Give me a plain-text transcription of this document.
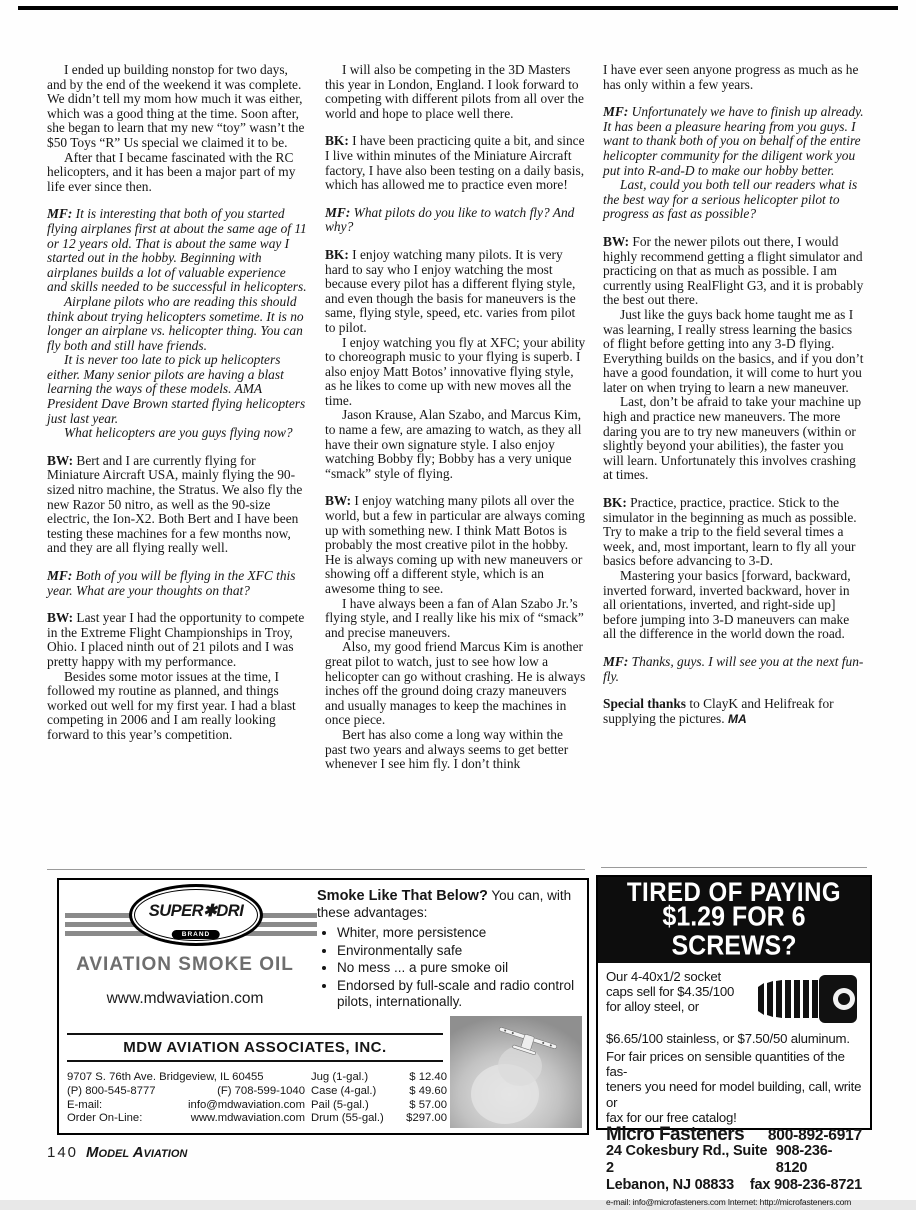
I ended up building nonstop for two days, and by the end of the weekend it was complete. We didn’t tell my mom how much it was either, which was a good thing at the time. Soon after, she began to learn that my new “toy” wasn’t the $50 Toys “R” Us special we claimed it to be.

After that I became fascinated with the RC helicopters, and it has been a major part of my life ever since then.

MF: It is interesting that both of you started flying airplanes first at about the same age of 11 or 12 years old. That is about the same way I started out in the hobby. Beginning with airplanes builds a lot of valuable experience and skills needed to be successful in helicopters.

Airplane pilots who are reading this should think about trying helicopters sometime. It is no longer an airplane vs. helicopter thing. You can fly both and still have friends.

It is never too late to pick up helicopters either. Many senior pilots are having a blast learning the ways of these models. AMA President Dave Brown started flying helicopters just last year.

What helicopters are you guys flying now?

BW: Bert and I are currently flying for Miniature Aircraft USA, mainly flying the 90-sized nitro machine, the Stratus. We also fly the new Razor 50 nitro, as well as the 90-size electric, the Ion-X2. Both Bert and I have been testing these machines for a few months now, and they are all flying really well.

MF: Both of you will be flying in the XFC this year. What are your thoughts on that?

BW: Last year I had the opportunity to compete in the Extreme Flight Championships in Troy, Ohio. I placed ninth out of 21 pilots and I was pretty happy with my performance.

Besides some motor issues at the time, I followed my routine as planned, and things worked out well for my first year. I had a blast competing in 2006 and I am really looking forward to this year’s competition.

I will also be competing in the 3D Masters this year in London, England. I look forward to competing with different pilots from all over the world and hope to place well there.

BK: I have been practicing quite a bit, and since I live within minutes of the Miniature Aircraft factory, I have also been testing on a daily basis, which has allowed me to practice even more!

MF: What pilots do you like to watch fly? And why?

BK: I enjoy watching many pilots. It is very hard to say who I enjoy watching the most because every pilot has a different flying style, and even though the basis for maneuvers is the same, flying style, speed, etc. varies from pilot to pilot.

I enjoy watching you fly at XFC; your ability to choreograph music to your flying is superb. I also enjoy Matt Botos’ innovative flying style, as he likes to come up with new moves all the time.

Jason Krause, Alan Szabo, and Marcus Kim, to name a few, are amazing to watch, as they all have their own signature style. I also enjoy watching Bobby fly; Bobby has a very unique “smack” style of flying.

BW: I enjoy watching many pilots all over the world, but a few in particular are always coming up with something new. I think Matt Botos is probably the most creative pilot in the hobby. He is always coming up with new maneuvers or showing off a different style, which is an awesome thing to see.

I have always been a fan of Alan Szabo Jr.’s flying style, and I really like his mix of “smack” and precise maneuvers.

Also, my good friend Marcus Kim is another great pilot to watch, just to see how low a helicopter can go without crashing. He is always inches off the ground doing crazy maneuvers and usually manages to keep the machines in once piece.

Bert has also come a long way within the past two years and always seems to get better whenever I see him fly. I don’t think

I have ever seen anyone progress as much as he has only within a few years.

MF: Unfortunately we have to finish up already. It has been a pleasure hearing from you guys. I want to thank both of you on behalf of the entire helicopter community for the diligent work you put into R-and-D to make our hobby better.

Last, could you both tell our readers what is the best way for a serious helicopter pilot to progress as fast as possible?

BW: For the newer pilots out there, I would highly recommend getting a flight simulator and practicing on that as much as possible. I am currently using RealFlight G3, and it is probably the best out there.

Just like the guys back home taught me as I was learning, I really stress learning the basics of flight before getting into any 3-D flying. Everything builds on the basics, and if you don’t have a good foundation, it will come to hurt you later on when trying to learn a new maneuver.

Last, don’t be afraid to take your machine up high and practice new maneuvers. The more daring you are to try new maneuvers (within or slightly beyond your abilities), the faster you will learn. Unfortunately this involves crashing at times.

BK: Practice, practice, practice. Stick to the simulator in the beginning as much as possible. Try to make a trip to the field several times a week, and, most important, learn to fly all your basics before advancing to 3-D.

Mastering your basics [forward, backward, inverted forward, inverted backward, hover in all orientations, inverted, and right-side up] before jumping into 3-D maneuvers can make all the difference in the world down the road.

MF: Thanks, guys. I will see you at the next fun-fly.

Special thanks to ClayK and Helifreak for supplying the pictures. MA

SUPER✱DRI
BRAND
AVIATION SMOKE OIL
www.mdwaviation.com
Smoke Like That Below? You can, with these advantages:
• Whiter, more persistence
• Environmentally safe
• No mess ... a pure smoke oil
• Endorsed by full-scale and radio control pilots, internationally.
MDW AVIATION ASSOCIATES, INC.
9707 S. 76th Ave. Bridgeview, IL 60455
(P) 800-545-8777	(F) 708-599-1040
E-mail:	info@mdwaviation.com
Order On-Line:	www.mdwaviation.com
Jug (1-gal.)	$ 12.40
Case (4-gal.)	$ 49.60
Pail (5-gal.)	$ 57.00
Drum (55-gal.) $297.00
TIRED OF PAYING
$1.29 FOR 6 SCREWS?
Our 4-40x1/2 socket
caps sell for $4.35/100
for alloy steel, or
$6.65/100 stainless, or $7.50/50 aluminum.
For fair prices on sensible quantities of the fas-
teners you need for model building, call, write or
fax for our free catalog!
Micro Fasteners 800-892-6917
24 Cokesbury Rd., Suite 2
908-236-8120
Lebanon, NJ 08833 fax 908-236-8721
e-mail: info@microfasteners.com Internet: http://microfasteners.com
140 Model Aviation
